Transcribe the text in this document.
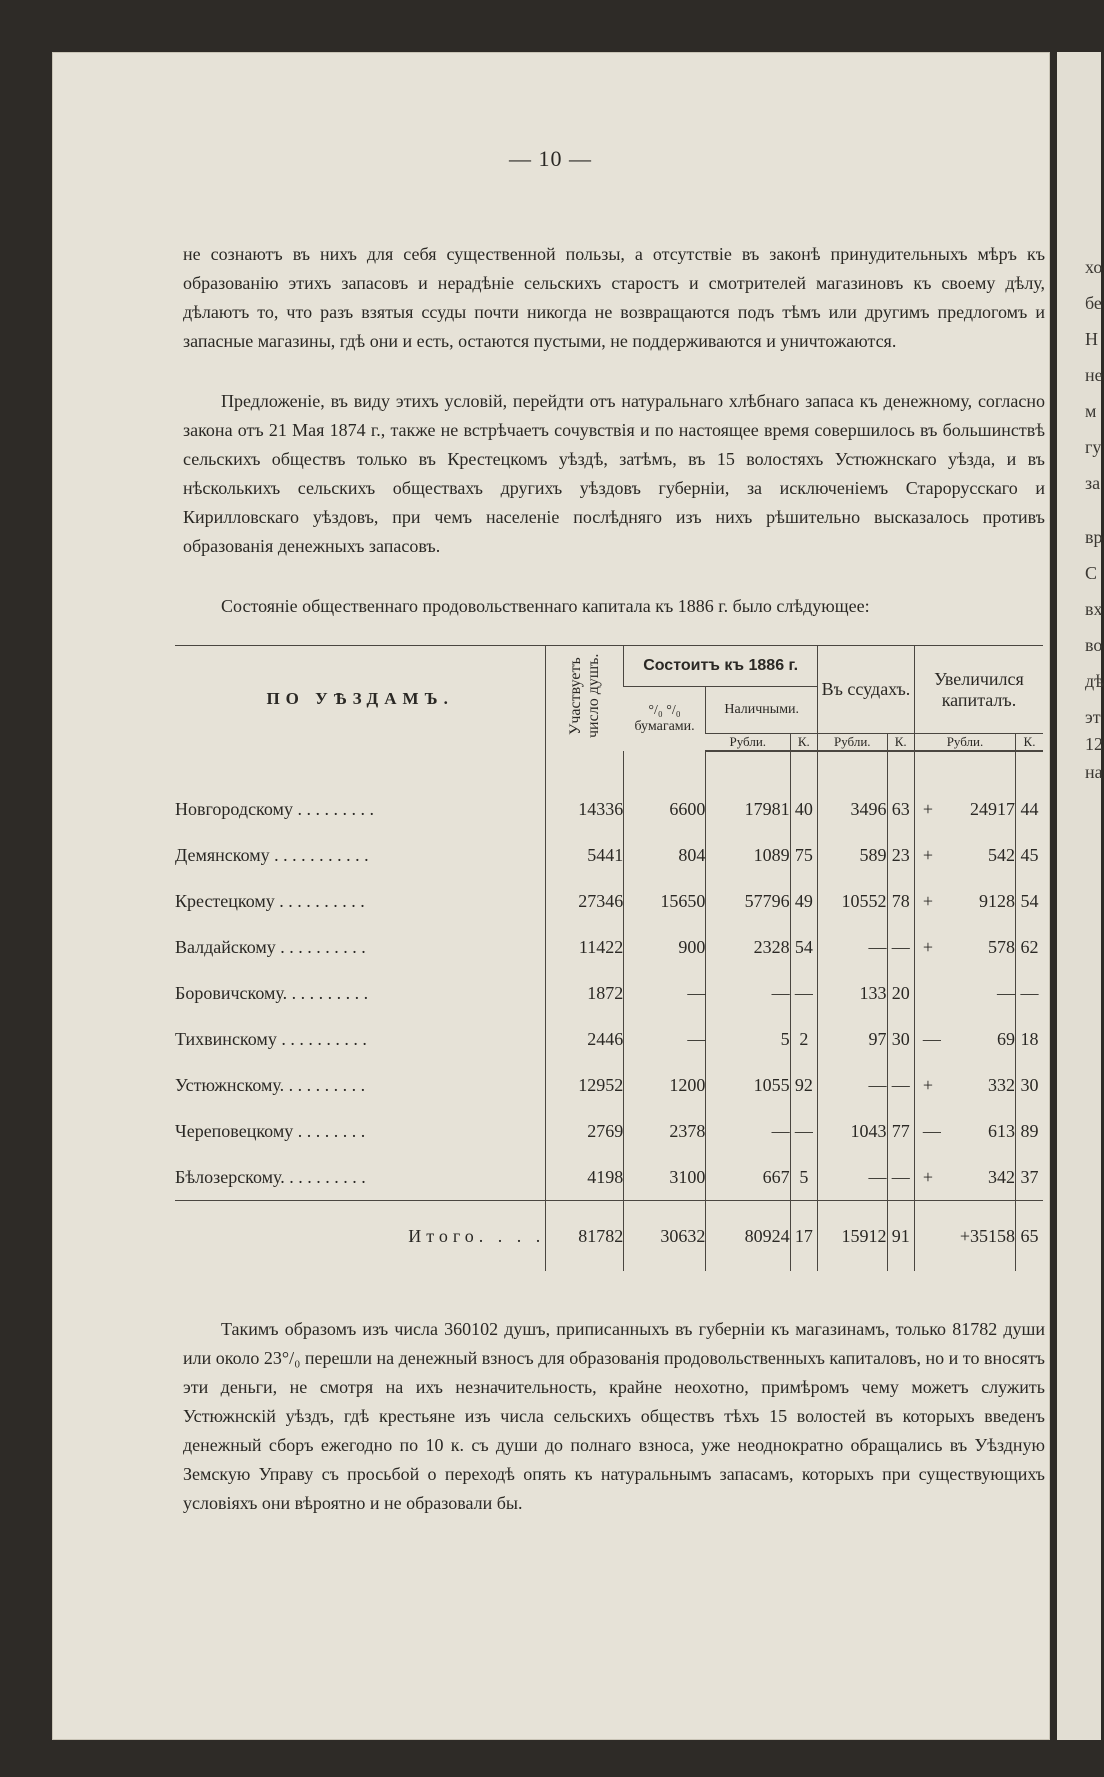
хо
бе
Н
не
м
гу
за
вр
С
вх
во
дѣ
эт
12
на
— 10 —

не сознаютъ въ нихъ для себя существенной пользы, а отсутствіе въ законѣ принудительныхъ мѣръ къ образованію этихъ запасовъ и нерадѣніе сельскихъ старостъ и смотрителей магазиновъ къ своему дѣлу, дѣлаютъ то, что разъ взятыя ссуды почти никогда не возвращаются подъ тѣмъ или другимъ предлогомъ и запасные магазины, гдѣ они и есть, остаются пустыми, не поддерживаются и уничтожаются.

Предложеніе, въ виду этихъ условій, перейдти отъ натуральнаго хлѣбнаго запаса къ денежному, согласно закона отъ 21 Мая 1874 г., также не встрѣчаетъ сочувствія и по настоящее время совершилось въ большинствѣ сельскихъ обществъ только въ Крестецкомъ уѣздѣ, затѣмъ, въ 15 волостяхъ Устюжнскаго уѣзда, и въ нѣсколькихъ сельскихъ обществахъ другихъ уѣздовъ губерніи, за исключеніемъ Старорусскаго и Кирилловскаго уѣздовъ, при чемъ населеніе послѣдняго изъ нихъ рѣшительно высказалось противъ образованія денежныхъ запасовъ.

Состояніе общественнаго продовольственнаго капитала къ 1886 г. было слѣдующее:

ПО УѢЗДАМЪ.	Участвуетъ число душъ.	Состоитъ къ 1886 г.			Въ ссудахъ.		Увеличился капиталъ.	
		°/₀ °/₀ бумагами.	Наличными.					
			Рубли.	К.	Рубли.	К.	Рубли.	К.

Новгородскому . . . . . . . . .	14336	6600	17981	40	3496	63	+ 24917	44
Демянскому . . . . . . . . . . .	5441	804	1089	75	589	23	+ 542	45
Крестецкому . . . . . . . . . .	27346	15650	57796	49	10552	78	+ 9128	54
Валдайскому . . . . . . . . . .	11422	900	2328	54	—	—	+ 578	62
Боровичскому. . . . . . . . . .	1872	—	—	—	133	20	—	—
Тихвинскому . . . . . . . . . .	2446	—	5	2	97	30	— 69	18
Устюжнскому. . . . . . . . . .	12952	1200	1055	92	—	—	+ 332	30
Череповецкому . . . . . . . .	2769	2378	—	—	1043	77	— 613	89
Бѣлозерскому. . . . . . . . . .	4198	3100	667	5	—	—	+ 342	37
Итого. . . .	81782	30632	80924	17	15912	91	+35158	65

Такимъ образомъ изъ числа 360102 душъ, приписанныхъ въ губерніи къ магазинамъ, только 81782 души или около 23°/₀ перешли на денежный взносъ для образованія продовольственныхъ капиталовъ, но и то вносятъ эти деньги, не смотря на ихъ незначительность, крайне неохотно, примѣромъ чему можетъ служить Устюжнскій уѣздъ, гдѣ крестьяне изъ числа сельскихъ обществъ тѣхъ 15 волостей въ которыхъ введенъ денежный сборъ ежегодно по 10 к. съ души до полнаго взноса, уже неоднократно обращались въ Уѣздную Земскую Управу съ просьбой о переходѣ опять къ натуральнымъ запасамъ, которыхъ при существующихъ условіяхъ они вѣроятно и не образовали бы.
